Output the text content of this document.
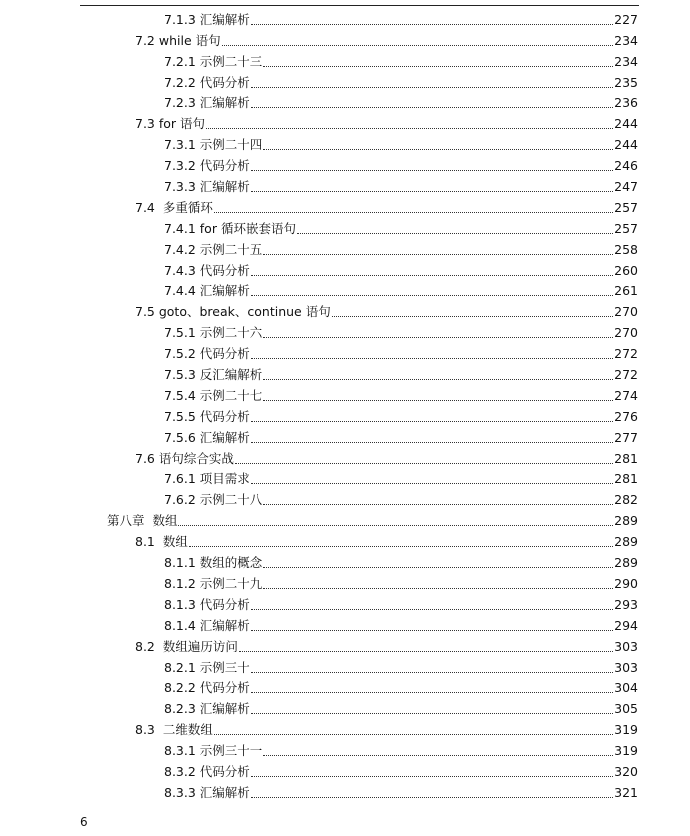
7.1.3 汇编解析	227
7.2 while 语句	234
7.2.1 示例二十三	234
7.2.2 代码分析	235
7.2.3 汇编解析	236
7.3 for 语句	244
7.3.1 示例二十四	244
7.3.2 代码分析	246
7.3.3 汇编解析	247
7.4  多重循环	257
7.4.1 for 循环嵌套语句	257
7.4.2 示例二十五	258
7.4.3 代码分析	260
7.4.4 汇编解析	261
7.5 goto、break、continue 语句	270
7.5.1 示例二十六	270
7.5.2 代码分析	272
7.5.3 反汇编解析	272
7.5.4 示例二十七	274
7.5.5 代码分析	276
7.5.6 汇编解析	277
7.6 语句综合实战	281
7.6.1 项目需求	281
7.6.2 示例二十八	282
第八章  数组	289
8.1  数组	289
8.1.1 数组的概念	289
8.1.2 示例二十九	290
8.1.3 代码分析	293
8.1.4 汇编解析	294
8.2  数组遍历访问	303
8.2.1 示例三十	303
8.2.2 代码分析	304
8.2.3 汇编解析	305
8.3  二维数组	319
8.3.1 示例三十一	319
8.3.2 代码分析	320
8.3.3 汇编解析	321
6
